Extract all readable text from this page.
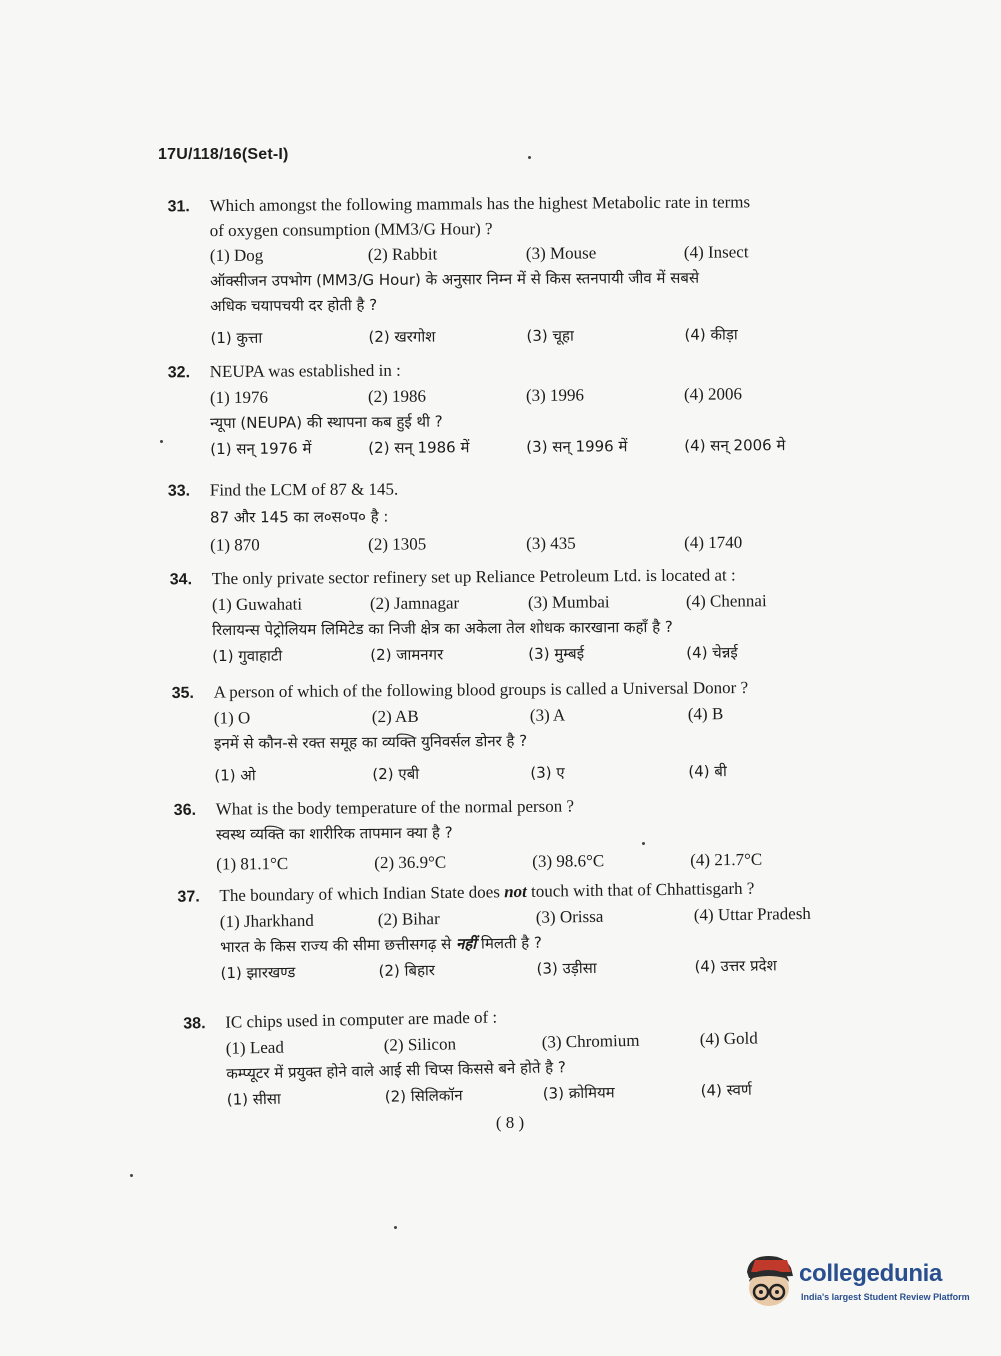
17U/118/16(Set-I)
31.	Which amongst the following mammals has the highest Metabolic rate in terms
of oxygen consumption (MM3/G Hour) ?
(1) Dog	(2) Rabbit	(3) Mouse	(4) Insect
ऑक्सीजन उपभोग (MM3/G Hour) के अनुसार निम्न में से किस स्तनपायी जीव में सबसे
अधिक चयापचयी दर होती है ?
(1) कुत्ता	(2) खरगोश	(3) चूहा	(4) कीड़ा
32.	NEUPA was established in :
(1) 1976	(2) 1986	(3) 1996	(4) 2006
न्यूपा (NEUPA) की स्थापना कब हुई थी ?
(1) सन् 1976 में	(2) सन् 1986 में	(3) सन् 1996 में	(4) सन् 2006 मे
33.	Find the LCM of 87 & 145.
87 और 145 का ल०स०प० है :
(1) 870	(2) 1305	(3) 435	(4) 1740
34.	The only private sector refinery set up Reliance Petroleum Ltd. is located at :
(1) Guwahati	(2) Jamnagar	(3) Mumbai	(4) Chennai
रिलायन्स पेट्रोलियम लिमिटेड का निजी क्षेत्र का अकेला तेल शोधक कारखाना कहाँ है ?
(1) गुवाहाटी	(2) जामनगर	(3) मुम्बई	(4) चेन्नई
35.	A person of which of the following blood groups is called a Universal Donor ?
(1) O	(2) AB	(3) A	(4) B
इनमें से कौन-से रक्त समूह का व्यक्ति युनिवर्सल डोनर है ?
(1) ओ	(2) एबी	(3) ए	(4) बी
36.	What is the body temperature of the normal person ?
स्वस्थ व्यक्ति का शारीरिक तापमान क्या है ?
(1) 81.1°C	(2) 36.9°C	(3) 98.6°C	(4) 21.7°C
37.	The boundary of which Indian State does not touch with that of Chhattisgarh ?
(1) Jharkhand	(2) Bihar	(3) Orissa	(4) Uttar Pradesh
भारत के किस राज्य की सीमा छत्तीसगढ़ से नहीं मिलती है ?
(1) झारखण्ड	(2) बिहार	(3) उड़ीसा	(4) उत्तर प्रदेश
38.	IC chips used in computer are made of :
(1) Lead	(2) Silicon	(3) Chromium	(4) Gold
कम्प्यूटर में प्रयुक्त होने वाले आई सी चिप्स किससे बने होते है ?
(1) सीसा	(2) सिलिकॉन	(3) क्रोमियम	(4) स्वर्ण
( 8 )
collegedunia
India's largest Student Review Platform
